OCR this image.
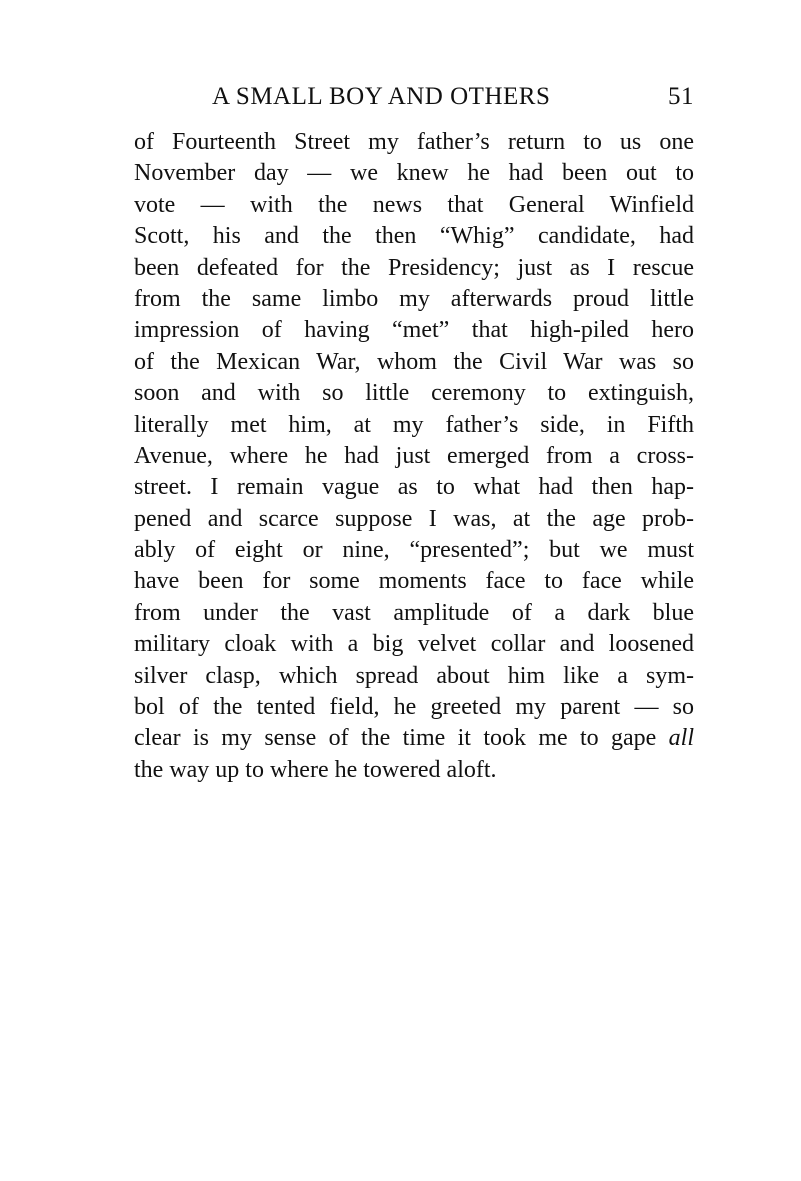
A SMALL BOY AND OTHERS	51
of Fourteenth Street my father’s return to us one
November day — we knew he had been out to
vote — with the news that General Winfield
Scott, his and the then “Whig” candidate, had
been defeated for the Presidency; just as I rescue
from the same limbo my afterwards proud little
impression of having “met” that high-piled hero
of the Mexican War, whom the Civil War was so
soon and with so little ceremony to extinguish,
literally met him, at my father’s side, in Fifth
Avenue, where he had just emerged from a cross-
street. I remain vague as to what had then hap-
pened and scarce suppose I was, at the age prob-
ably of eight or nine, “presented”; but we must
have been for some moments face to face while
from under the vast amplitude of a dark blue
military cloak with a big velvet collar and loosened
silver clasp, which spread about him like a sym-
bol of the tented field, he greeted my parent — so
clear is my sense of the time it took me to gape all
the way up to where he towered aloft.
